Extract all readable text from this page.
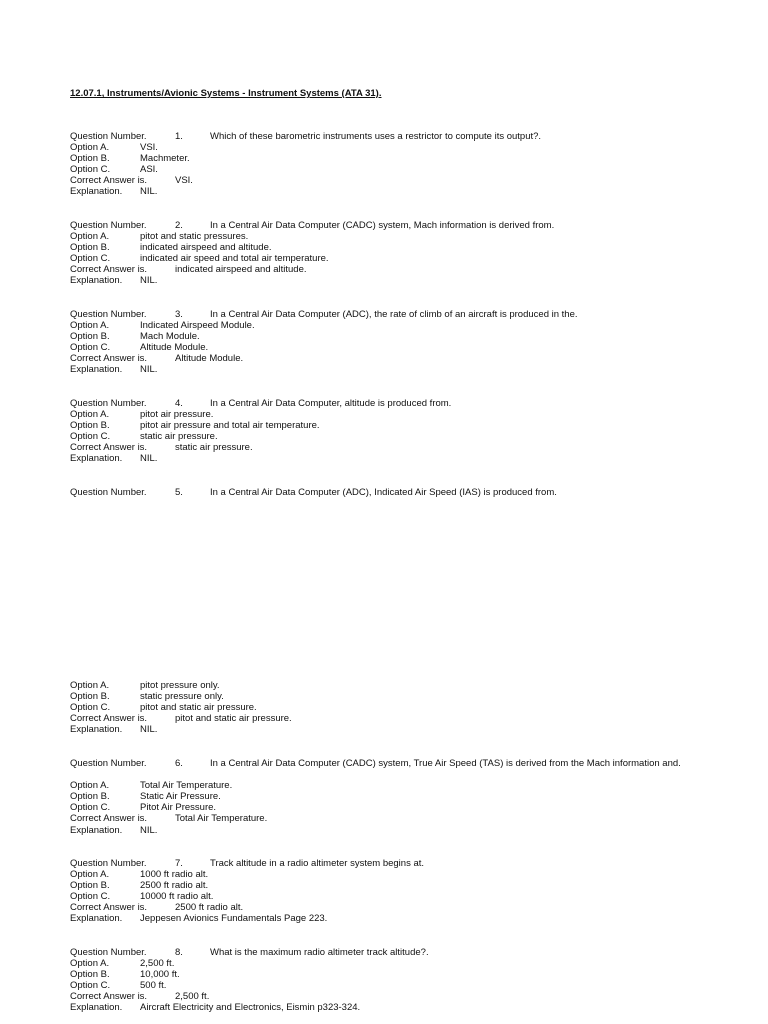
12.07.1, Instruments/Avionic Systems - Instrument Systems (ATA 31).
Question Number.	1.	Which of these barometric instruments uses a restrictor to compute its output?.
Option A.	VSI.
Option B.	Machmeter.
Option C.	ASI.
Correct Answer is.	VSI.
Explanation. NIL.
Question Number.	2.	In a Central Air Data Computer (CADC) system, Mach information is derived from.
Option A.	pitot and static pressures.
Option B.	indicated airspeed and altitude.
Option C.	indicated air speed and total air temperature.
Correct Answer is.	indicated airspeed and altitude.
Explanation. NIL.
Question Number.	3.	In a Central Air Data Computer (ADC), the rate of climb of an aircraft is produced in the.
Option A.	Indicated Airspeed Module.
Option B.	Mach Module.
Option C.	Altitude Module.
Correct Answer is.	Altitude Module.
Explanation. NIL.
Question Number.	4.	In a Central Air Data Computer, altitude is produced from.
Option A.	pitot air pressure.
Option B.	pitot air pressure and total air temperature.
Option C.	static air pressure.
Correct Answer is.	static air pressure.
Explanation. NIL.
Question Number.	5.	In a Central Air Data Computer (ADC), Indicated Air Speed (IAS) is produced from.
Option A.	pitot pressure only.
Option B.	static pressure only.
Option C.	pitot and static air pressure.
Correct Answer is.	pitot and static air pressure.
Explanation. NIL.
Question Number.	6.	In a Central Air Data Computer (CADC) system, True Air Speed (TAS) is derived from the Mach information and.
Option A.	Total Air Temperature.
Option B.	Static Air Pressure.
Option C.	Pitot Air Pressure.
Correct Answer is.	Total Air Temperature.
Explanation. NIL.
Question Number.	7.	Track altitude in a radio altimeter system begins at.
Option A.	1000 ft radio alt.
Option B.	2500 ft radio alt.
Option C.	10000 ft radio alt.
Correct Answer is.	2500 ft radio alt.
Explanation. Jeppesen Avionics Fundamentals Page 223.
Question Number.	8.	What is the maximum radio altimeter track altitude?.
Option A.	2,500 ft.
Option B.	10,000 ft.
Option C.	500 ft.
Correct Answer is.	2,500 ft.
Explanation. Aircraft Electricity and Electronics, Eismin p323-324.
